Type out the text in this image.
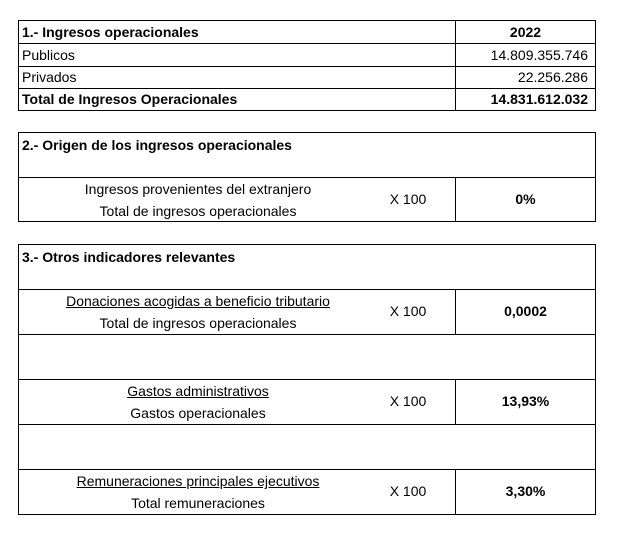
1.- Ingresos operacionales	2022
Publicos	14.809.355.746
Privados	22.256.286
Total de Ingresos Operacionales	14.831.612.032
2.- Origen de los ingresos operacionales
Ingresos provenientes del extranjero
Total de ingresos operacionales
X 100	0%
3.- Otros indicadores relevantes
Donaciones acogidas a beneficio tributario
Total de ingresos operacionales
X 100	0,0002
Gastos administrativos
Gastos operacionales
X 100	13,93%
Remuneraciones principales ejecutivos
Total remuneraciones
X 100	3,30%
